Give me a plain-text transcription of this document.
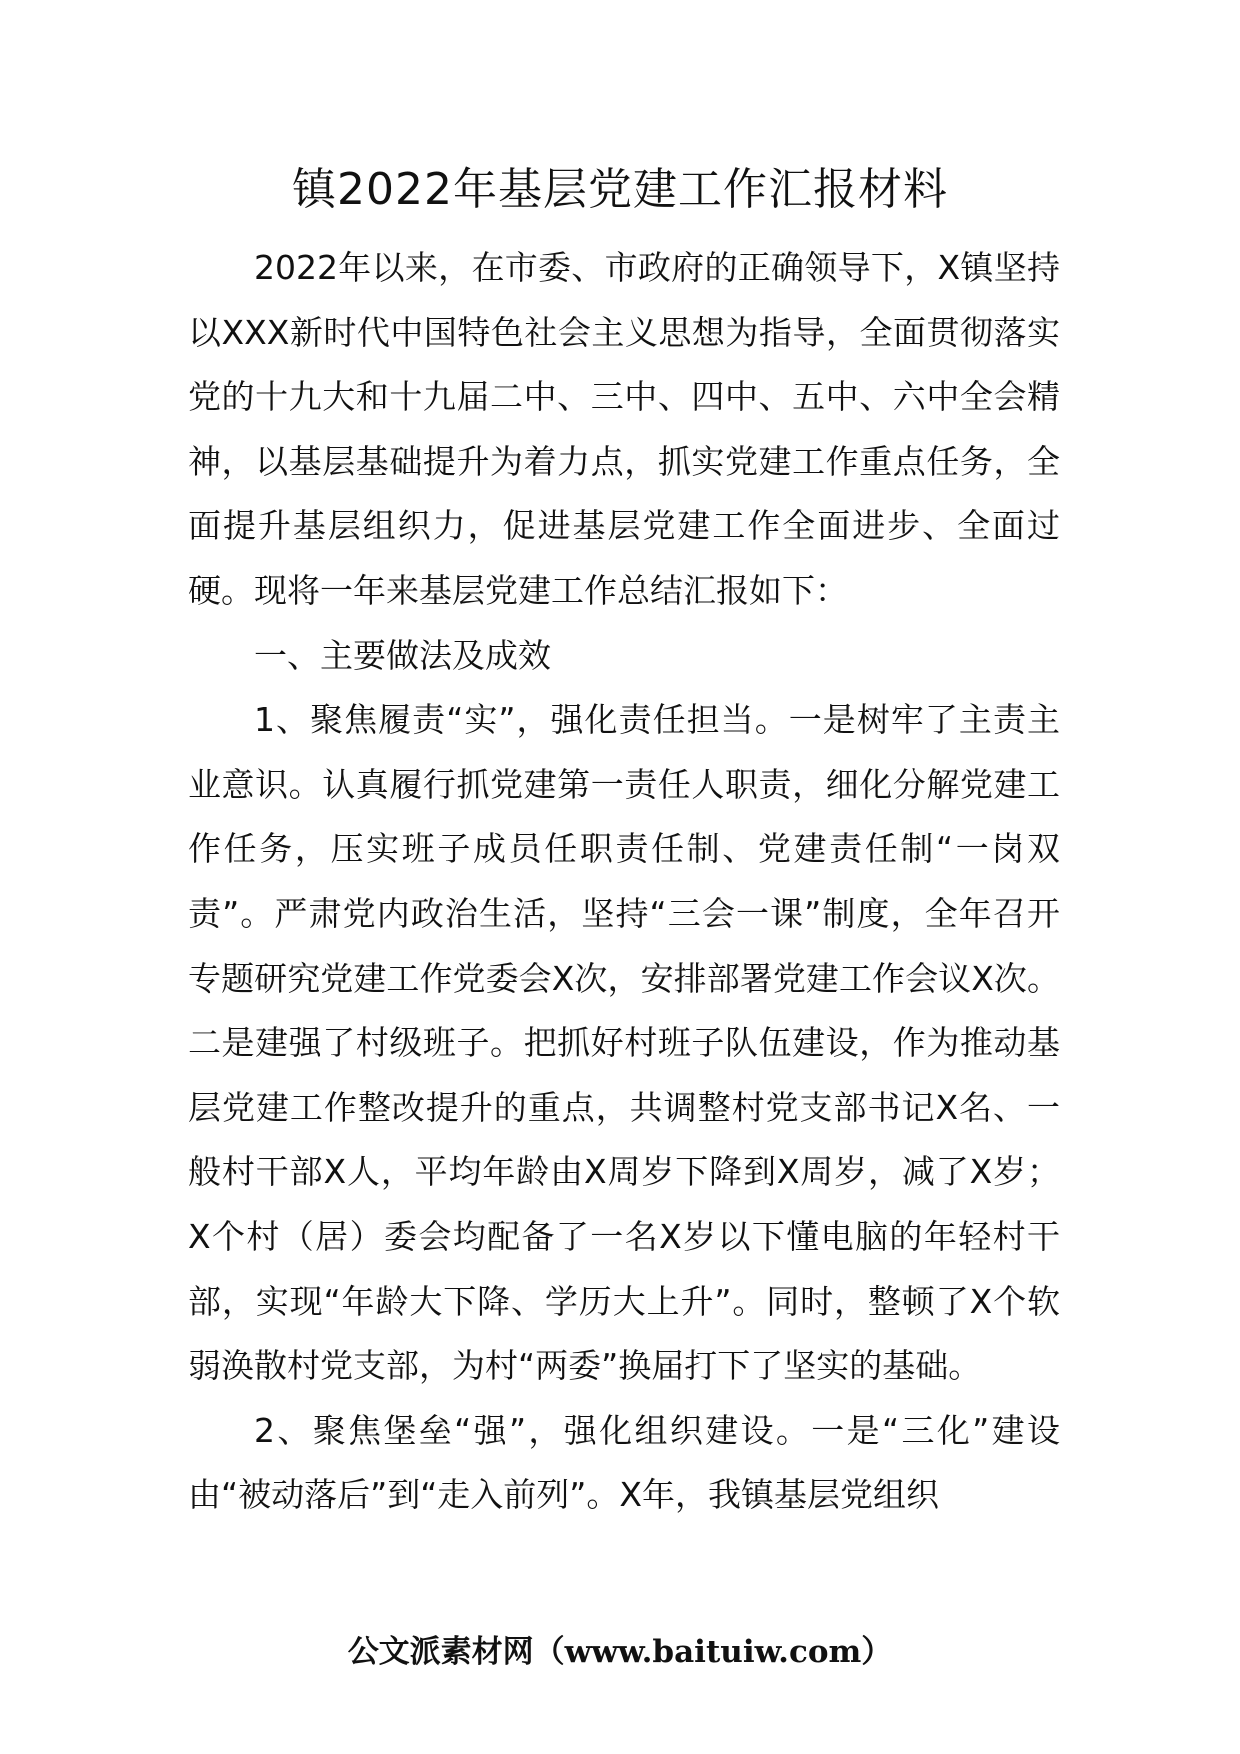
镇2022年基层党建工作汇报材料

2022年以来，在市委、市政府的正确领导下，X镇坚持以XXX新时代中国特色社会主义思想为指导，全面贯彻落实党的十九大和十九届二中、三中、四中、五中、六中全会精神，以基层基础提升为着力点，抓实党建工作重点任务，全面提升基层组织力，促进基层党建工作全面进步、全面过硬。现将一年来基层党建工作总结汇报如下：

一、主要做法及成效

1、聚焦履责“实”，强化责任担当。一是树牢了主责主业意识。认真履行抓党建第一责任人职责，细化分解党建工作任务，压实班子成员任职责任制、党建责任制“一岗双责”。严肃党内政治生活，坚持“三会一课”制度，全年召开专题研究党建工作党委会X次，安排部署党建工作会议X次。二是建强了村级班子。把抓好村班子队伍建设，作为推动基层党建工作整改提升的重点，共调整村党支部书记X名、一般村干部X人，平均年龄由X周岁下降到X周岁，减了X岁；X个村（居）委会均配备了一名X岁以下懂电脑的年轻村干部，实现“年龄大下降、学历大上升”。同时，整顿了X个软弱涣散村党支部，为村“两委”换届打下了坚实的基础。

2、聚焦堡垒“强”，强化组织建设。一是“三化”建设由“被动落后”到“走入前列”。X年，我镇基层党组织

公文派素材网（www.baituiw.com）
